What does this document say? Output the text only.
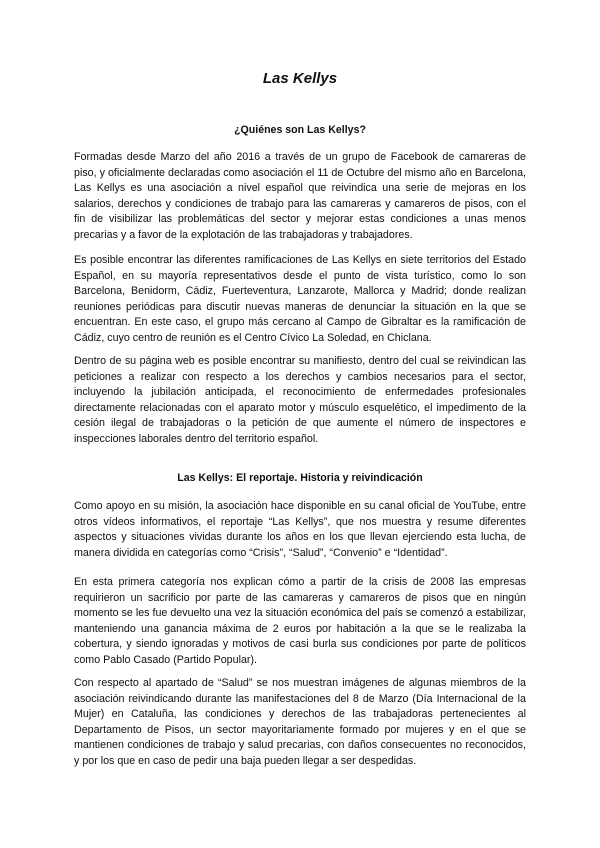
Las Kellys
¿Quiénes son Las Kellys?

Formadas desde Marzo del año 2016 a través de un grupo de Facebook de camareras de piso, y oficialmente declaradas como asociación el 11 de Octubre del mismo año en Barcelona, Las Kellys es una asociación a nivel español que reivindica una serie de mejoras en los salarios, derechos y condiciones de trabajo para las camareras y camareros de pisos, con el fin de visibilizar las problemáticas del sector y mejorar estas condiciones a unas menos precarias y a favor de la explotación de las trabajadoras y trabajadores.

Es posible encontrar las diferentes ramificaciones de Las Kellys en siete territorios del Estado Español, en su mayoría representativos desde el punto de vista turístico, como lo son Barcelona, Benidorm, Cádiz, Fuerteventura, Lanzarote, Mallorca y Madrid; donde realizan reuniones periódicas para discutir nuevas maneras de denunciar la situación en la que se encuentran. En este caso, el grupo más cercano al Campo de Gibraltar es la ramificación de Cádiz, cuyo centro de reunión es el Centro Cívico La Soledad, en Chiclana.

Dentro de su página web es posible encontrar su manifiesto, dentro del cual se reivindican las peticiones a realizar con respecto a los derechos y cambios necesarios para el sector, incluyendo la jubilación anticipada, el reconocimiento de enfermedades profesionales directamente relacionadas con el aparato motor y músculo esquelético, el impedimento de la cesión ilegal de trabajadoras o la petición de que aumente el número de inspectores e inspecciones laborales dentro del territorio español.

Las Kellys: El reportaje. Historia y reivindicación

Como apoyo en su misión, la asociación hace disponible en su canal oficial de YouTube, entre otros vídeos informativos, el reportaje “Las Kellys”, que nos muestra y resume diferentes aspectos y situaciones vividas durante los años en los que llevan ejerciendo esta lucha, de manera dividida en categorías como “Crisis”, “Salud”, “Convenio” e “Identidad”.

En esta primera categoría nos explican cómo a partir de la crisis de 2008 las empresas requirieron un sacrificio por parte de las camareras y camareros de pisos que en ningún momento se les fue devuelto una vez la situación económica del país se comenzó a estabilizar, manteniendo una ganancia máxima de 2 euros por habitación a la que se le realizaba la cobertura, y siendo ignoradas y motivos de casi burla sus condiciones por parte de políticos como Pablo Casado (Partido Popular).

Con respecto al apartado de “Salud” se nos muestran imágenes de algunas miembros de la asociación reivindicando durante las manifestaciones del 8 de Marzo (Día Internacional de la Mujer) en Cataluña, las condiciones y derechos de las trabajadoras pertenecientes al Departamento de Pisos, un sector mayoritariamente formado por mujeres y en el que se mantienen condiciones de trabajo y salud precarias, con daños consecuentes no reconocidos, y por los que en caso de pedir una baja pueden llegar a ser despedidas.
